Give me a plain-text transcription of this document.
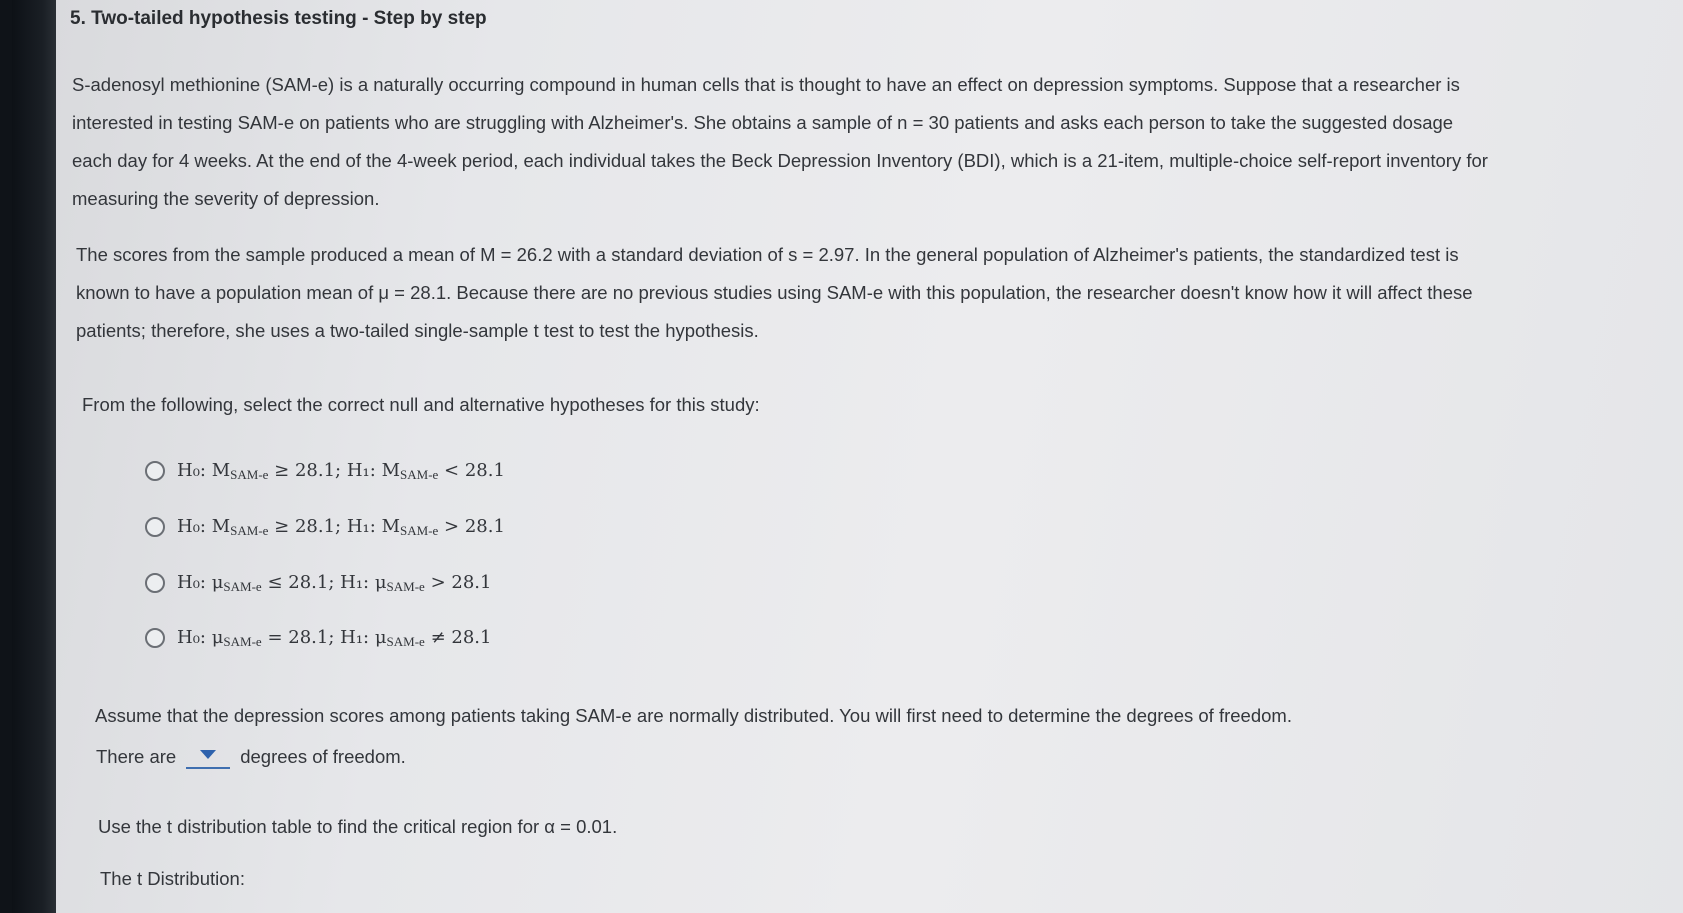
5. Two-tailed hypothesis testing - Step by step

S-adenosyl methionine (SAM-e) is a naturally occurring compound in human cells that is thought to have an effect on depression symptoms. Suppose that a researcher is interested in testing SAM-e on patients who are struggling with Alzheimer's. She obtains a sample of n = 30 patients and asks each person to take the suggested dosage each day for 4 weeks. At the end of the 4-week period, each individual takes the Beck Depression Inventory (BDI), which is a 21-item, multiple-choice self-report inventory for measuring the severity of depression.

The scores from the sample produced a mean of M = 26.2 with a standard deviation of s = 2.97. In the general population of Alzheimer's patients, the standardized test is known to have a population mean of μ = 28.1. Because there are no previous studies using SAM-e with this population, the researcher doesn't know how it will affect these patients; therefore, she uses a two-tailed single-sample t test to test the hypothesis.

From the following, select the correct null and alternative hypotheses for this study:
H₀: MSAM-e ≥ 28.1; H₁: MSAM-e < 28.1
H₀: MSAM-e ≥ 28.1; H₁: MSAM-e > 28.1
H₀: μSAM-e ≤ 28.1; H₁: μSAM-e > 28.1
H₀: μSAM-e = 28.1; H₁: μSAM-e ≠ 28.1
Assume that the depression scores among patients taking SAM-e are normally distributed. You will first need to determine the degrees of freedom.
There are	degrees of freedom.
Use the t distribution table to find the critical region for α = 0.01.
The t Distribution:
